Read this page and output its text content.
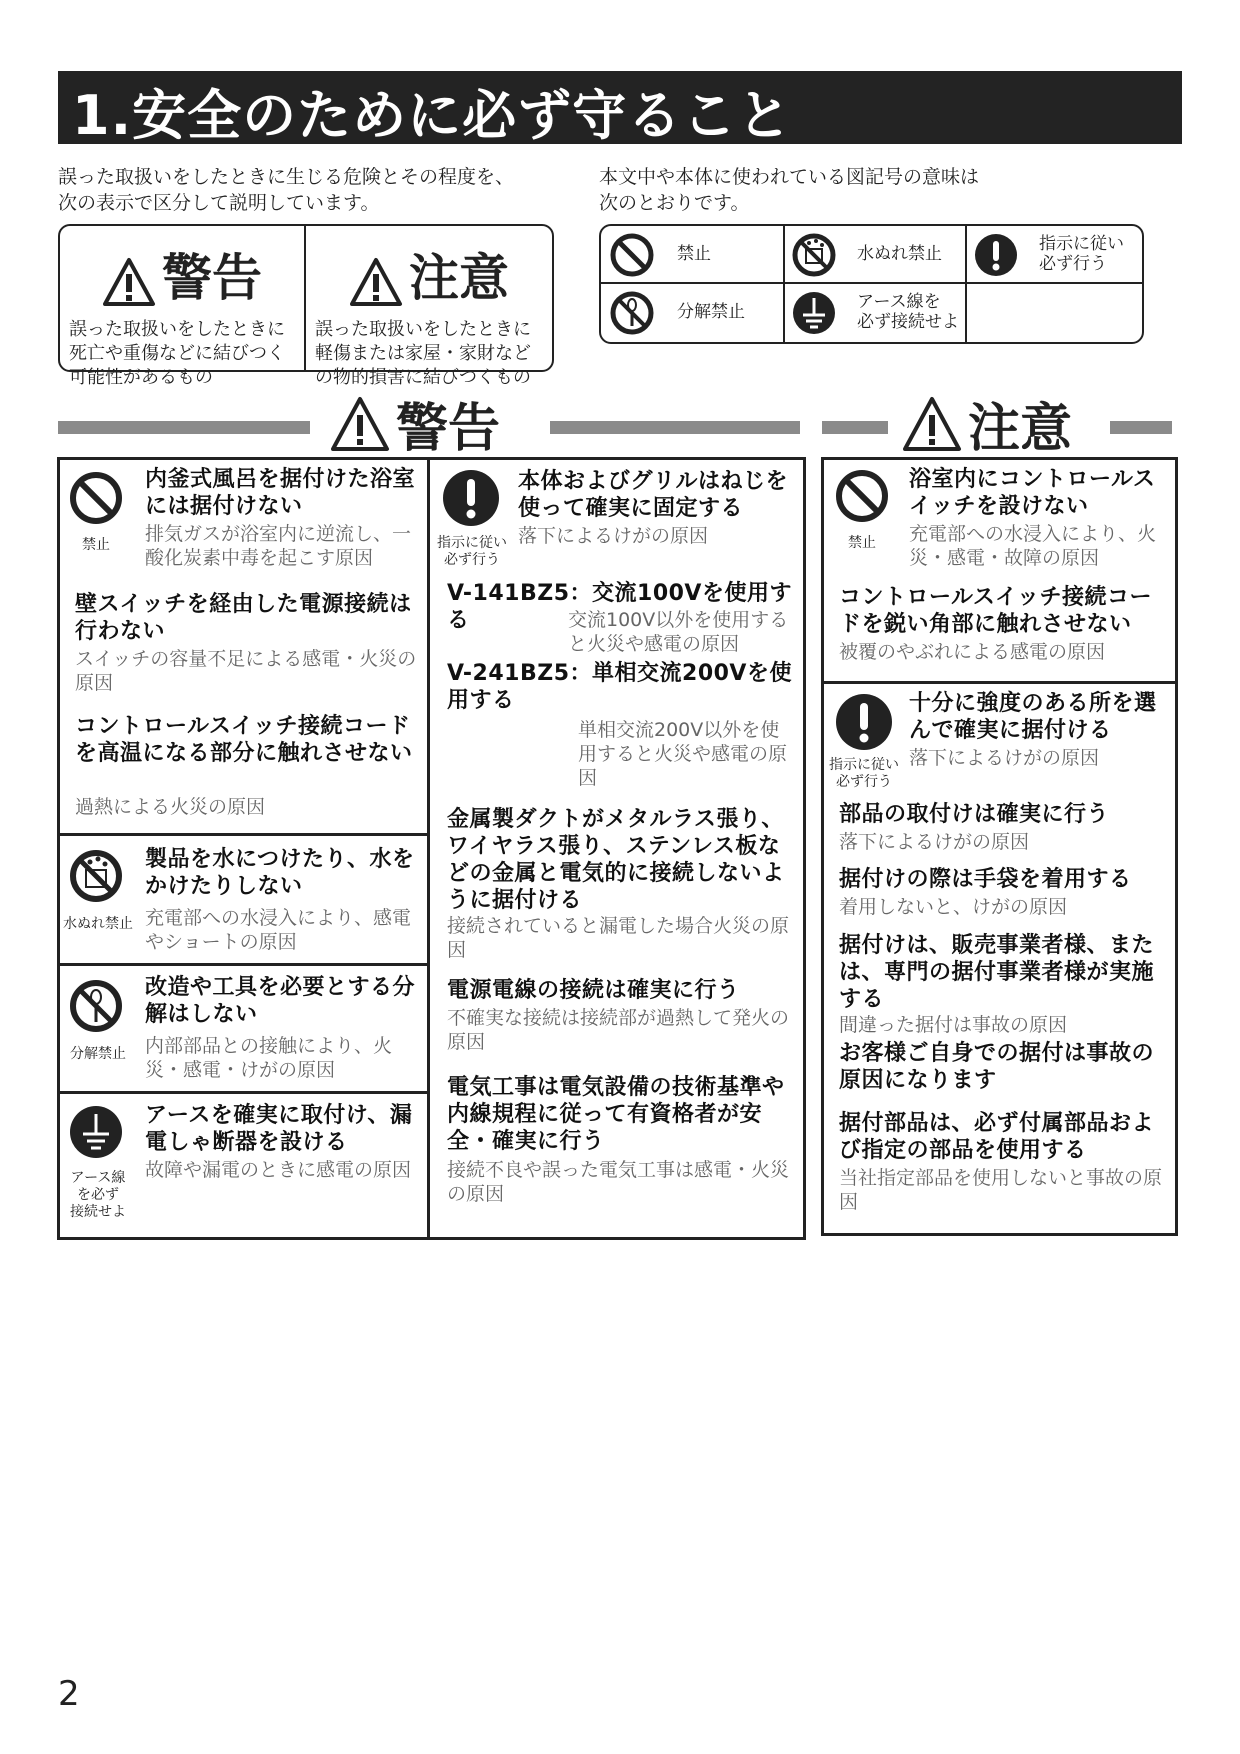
1.安全のために必ず守ること
誤った取扱いをしたときに生じる危険とその程度を、
次の表示で区分して説明しています。
本文中や本体に使われている図記号の意味は
次のとおりです。
警告
誤った取扱いをしたときに
死亡や重傷などに結びつく
可能性があるもの
注意
誤った取扱いをしたときに
軽傷または家屋・家財など
の物的損害に結びつくもの
禁止	水ぬれ禁止	指示に従い
必ず行う
分解禁止	アース線を
必ず接続せよ
警告	注意
禁止
内釜式風呂を据付けた浴室には据付けない
排気ガスが浴室内に逆流し、一酸化炭素中毒を起こす原因
壁スイッチを経由した電源接続は行わない
スイッチの容量不足による感電・火災の原因
コントロールスイッチ接続コードを高温になる部分に触れさせない
過熱による火災の原因
水ぬれ禁止
製品を水につけたり、水をかけたりしない
充電部への水浸入により、感電やショートの原因
分解禁止
改造や工具を必要とする分解はしない
内部部品との接触により、火災・感電・けがの原因
アース線
を必ず
接続せよ
アースを確実に取付け、漏電しゃ断器を設ける
故障や漏電のときに感電の原因
指示に従い
必ず行う
本体およびグリルはねじを使って確実に固定する
落下によるけがの原因
V-141BZ5：交流100Vを使用する	交流100V以外を使用すると火災や感電の原因
V-241BZ5：単相交流200Vを使用する
単相交流200V以外を使用すると火災や感電の原因
金属製ダクトがメタルラス張り、ワイヤラス張り、ステンレス板などの金属と電気的に接続しないように据付ける
接続されていると漏電した場合火災の原因
電源電線の接続は確実に行う
不確実な接続は接続部が過熱して発火の原因
電気工事は電気設備の技術基準や内線規程に従って有資格者が安全・確実に行う
接続不良や誤った電気工事は感電・火災の原因
禁止
浴室内にコントロールスイッチを設けない
充電部への水浸入により、火災・感電・故障の原因
コントロールスイッチ接続コードを鋭い角部に触れさせない
被覆のやぶれによる感電の原因
指示に従い
必ず行う
十分に強度のある所を選んで確実に据付ける
落下によるけがの原因
部品の取付けは確実に行う
落下によるけがの原因
据付けの際は手袋を着用する
着用しないと、けがの原因
据付けは、販売事業者様、または、専門の据付事業者様が実施する
間違った据付は事故の原因
お客様ご自身での据付は事故の原因になります
据付部品は、必ず付属部品および指定の部品を使用する
当社指定部品を使用しないと事故の原因
2
